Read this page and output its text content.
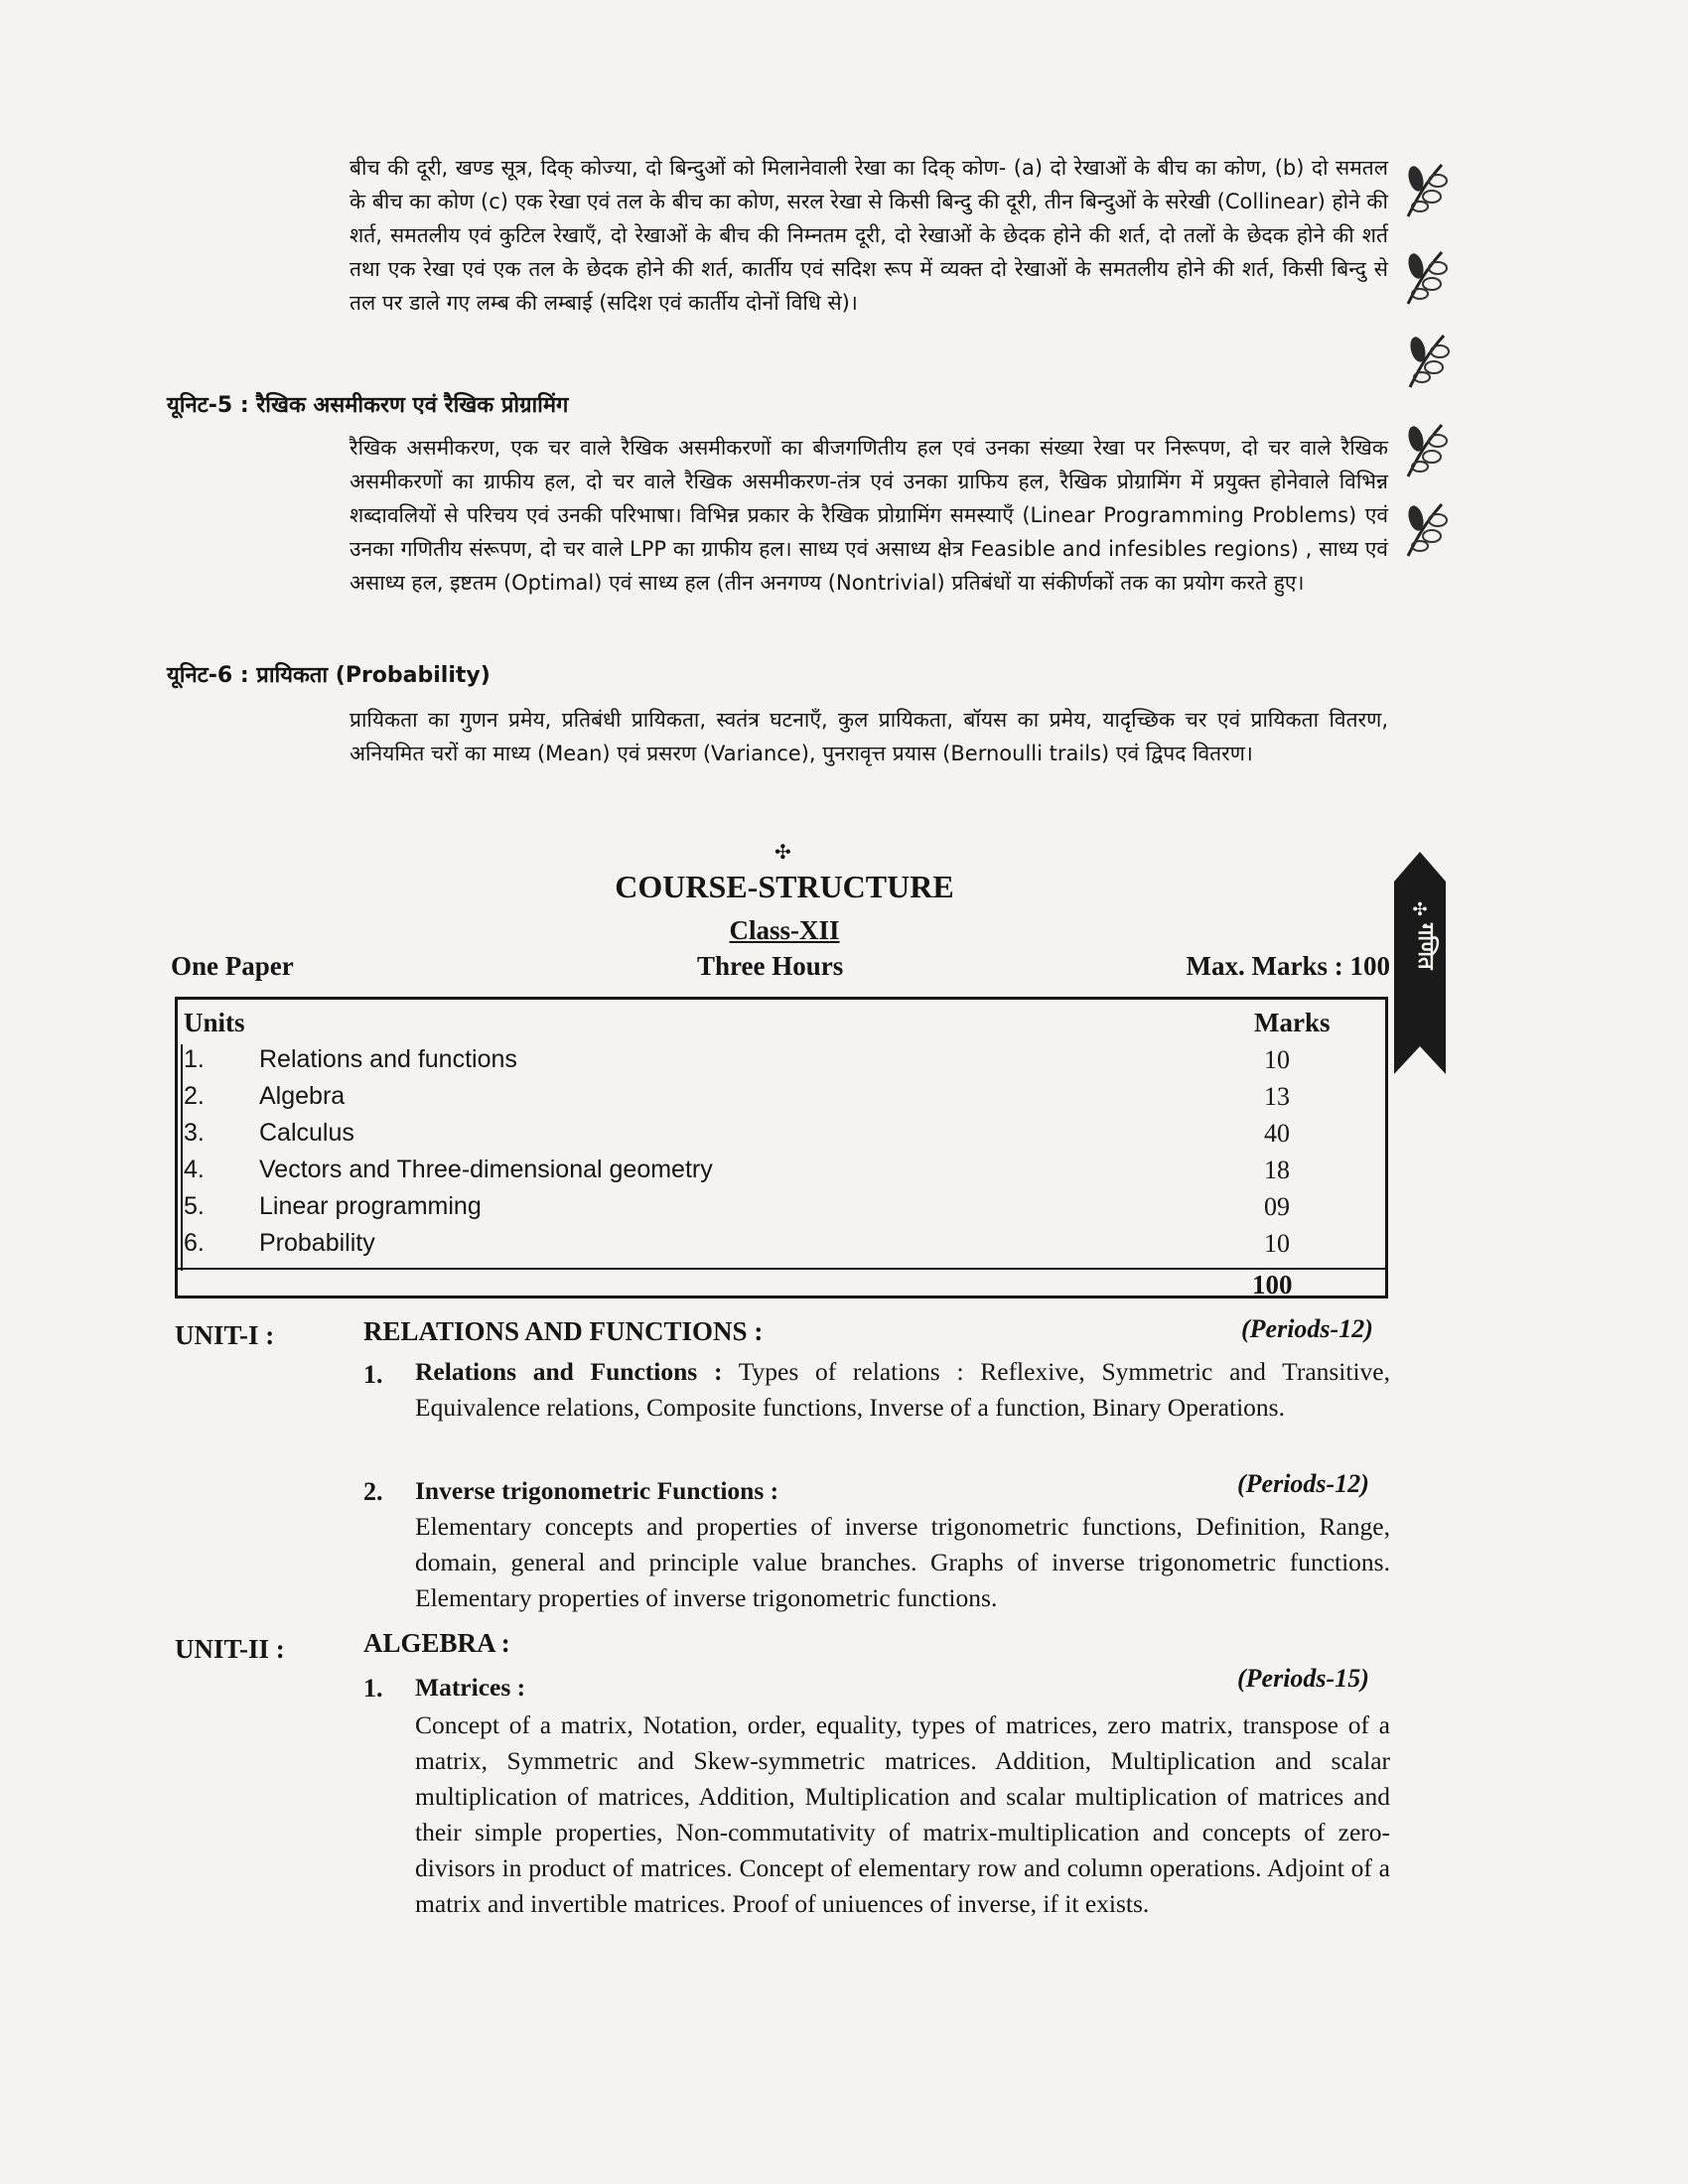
बीच की दूरी, खण्ड सूत्र, दिक्‌ कोज्या, दो बिन्दुओं को मिलानेवाली रेखा का दिक्‌ कोण- (a) दो रेखाओं के बीच का कोण, (b) दो समतल के बीच का कोण (c) एक रेखा एवं तल के बीच का कोण, सरल रेखा से किसी बिन्दु की दूरी, तीन बिन्दुओं के सरेखी (Collinear) होने की शर्त, समतलीय एवं कुटिल रेखाएँ, दो रेखाओं के बीच की निम्नतम दूरी, दो रेखाओं के छेदक होने की शर्त, दो तलों के छेदक होने की शर्त तथा एक रेखा एवं एक तल के छेदक होने की शर्त, कार्तीय एवं सदिश रूप में व्यक्त दो रेखाओं के समतलीय होने की शर्त, किसी बिन्दु से तल पर डाले गए लम्ब की लम्बाई (सदिश एवं कार्तीय दोनों विधि से)।

यूनिट-5 : रैखिक असमीकरण एवं रैखिक प्रोग्रामिंग

रैखिक असमीकरण, एक चर वाले रैखिक असमीकरणों का बीजगणितीय हल एवं उनका संख्या रेखा पर निरूपण, दो चर वाले रैखिक असमीकरणों का ग्राफीय हल, दो चर वाले रैखिक असमीकरण-तंत्र एवं उनका ग्राफिय हल, रैखिक प्रोग्रामिंग में प्रयुक्त होनेवाले विभिन्न शब्दावलियों से परिचय एवं उनकी परिभाषा। विभिन्न प्रकार के रैखिक प्रोग्रामिंग समस्याएँ (Linear Programming Problems) एवं उनका गणितीय संरूपण, दो चर वाले LPP का ग्राफीय हल। साध्य एवं असाध्य क्षेत्र Feasible and infesibles regions) , साध्य एवं असाध्य हल, इष्टतम (Optimal) एवं साध्य हल (तीन अनगण्य (Nontrivial) प्रतिबंधों या संकीर्णकों तक का प्रयोग करते हुए।

यूनिट-6 : प्रायिकता (Probability)

प्रायिकता का गुणन प्रमेय, प्रतिबंधी प्रायिकता, स्वतंत्र घटनाएँ, कुल प्रायिकता, बॉयस का प्रमेय, यादृच्छिक चर एवं प्रायिकता वितरण, अनियमित चरों का माध्य (Mean) एवं प्रसरण (Variance), पुनरावृत्त प्रयास (Bernoulli trails) एवं द्विपद वितरण।

✣
✣
गणित
COURSE-STRUCTURE
Class-XII
One Paper	Three Hours	Max. Marks : 100
Units	Marks
1. Relations and functions	10
2. Algebra	13
3. Calculus	40
4. Vectors and Three-dimensional geometry	18
5. Linear programming	09
6. Probability	10
100
UNIT-I :	RELATIONS AND FUNCTIONS :	(Periods-12)
1. Relations and Functions : Types of relations : Reflexive, Symmetric and Transitive, Equivalence relations, Composite functions, Inverse of a function, Binary Operations.
2. Inverse trigonometric Functions :	(Periods-12)
Elementary concepts and properties of inverse trigonometric functions, Definition, Range, domain, general and principle value branches. Graphs of inverse trigonometric functions. Elementary properties of inverse trigonometric functions.
UNIT-II :	ALGEBRA :
1. Matrices :	(Periods-15)
Concept of a matrix, Notation, order, equality, types of matrices, zero matrix, transpose of a matrix, Symmetric and Skew-symmetric matrices. Addition, Multiplication and scalar multiplication of matrices, Addition, Multiplication and scalar multiplication of matrices and their simple properties, Non-commutativity of matrix-multiplication and concepts of zero-divisors in product of matrices. Concept of elementary row and column operations. Adjoint of a matrix and invertible matrices. Proof of uniuences of inverse, if it exists.
